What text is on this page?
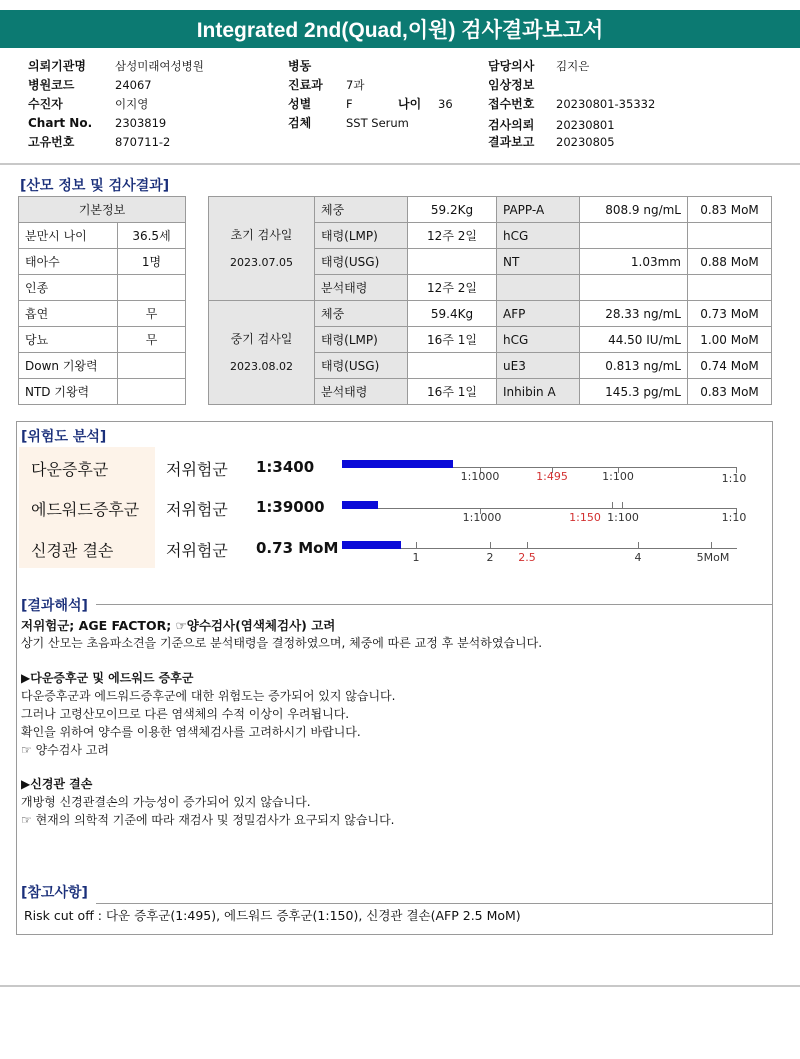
Integrated 2nd(Quad,이원) 검사결과보고서
의뢰기관명	삼성미래여성병원
병원코드	24067
수진자	이지영
Chart No. 2303819
고유번호	870711-2
병동
진료과 7과
성별	F	나이 36
검체	SST Serum
담당의사 김지은
임상정보
접수번호 20230801-35332
검사의뢰 20230801
결과보고 20230805
[산모 정보 및 검사결과]
기본정보	
분만시 나이	36.5세
태아수	1명
인종	
흡연	무
당뇨	무
Down 기왕력	
NTD 기왕력	
초기 검사일
2023.07.05	체중	59.2Kg	PAPP-A	808.9 ng/mL	0.83 MoM
	태령(LMP)	12주 2일	hCG		
	태령(USG)		NT	1.03mm	0.88 MoM
	분석태령	12주 2일			

중기 검사일
2023.08.02	체중	59.4Kg	AFP	28.33 ng/mL	0.73 MoM
	태령(LMP)	16주 1일	hCG	44.50 IU/mL	1.00 MoM
	태령(USG)		uE3	0.813 ng/mL	0.74 MoM
	분석태령	16주 1일	Inhibin A	145.3 pg/mL	0.83 MoM
[위험도 분석]
다운증후군	저위험군 1:3400
1:1000	1:495	1:100	1:10
에드워드증후군 저위험군 1:39000
1:1000	1:150 1:100	1:10
신경관 결손	저위험군 0.73 MoM
1	2 2.5	4	5MoM
[결과해석]
저위험군; AGE FACTOR; ☞양수검사(염색체검사) 고려
상기 산모는 초음파소견을 기준으로 분석태령을 결정하였으며, 체중에 따른 교정 후 분석하였습니다.
▶다운증후군 및 에드워드 증후군
다운증후군과 에드워드증후군에 대한 위험도는 증가되어 있지 않습니다.
그러나 고령산모이므로 다른 염색체의 수적 이상이 우려됩니다.
확인을 위하여 양수를 이용한 염색체검사를 고려하시기 바랍니다.
☞ 양수검사 고려
▶신경관 결손
개방형 신경관결손의 가능성이 증가되어 있지 않습니다.
☞ 현재의 의학적 기준에 따라 재검사 및 정밀검사가 요구되지 않습니다.
[참고사항]
Risk cut off : 다운 증후군(1:495), 에드워드 증후군(1:150), 신경관 결손(AFP 2.5 MoM)
